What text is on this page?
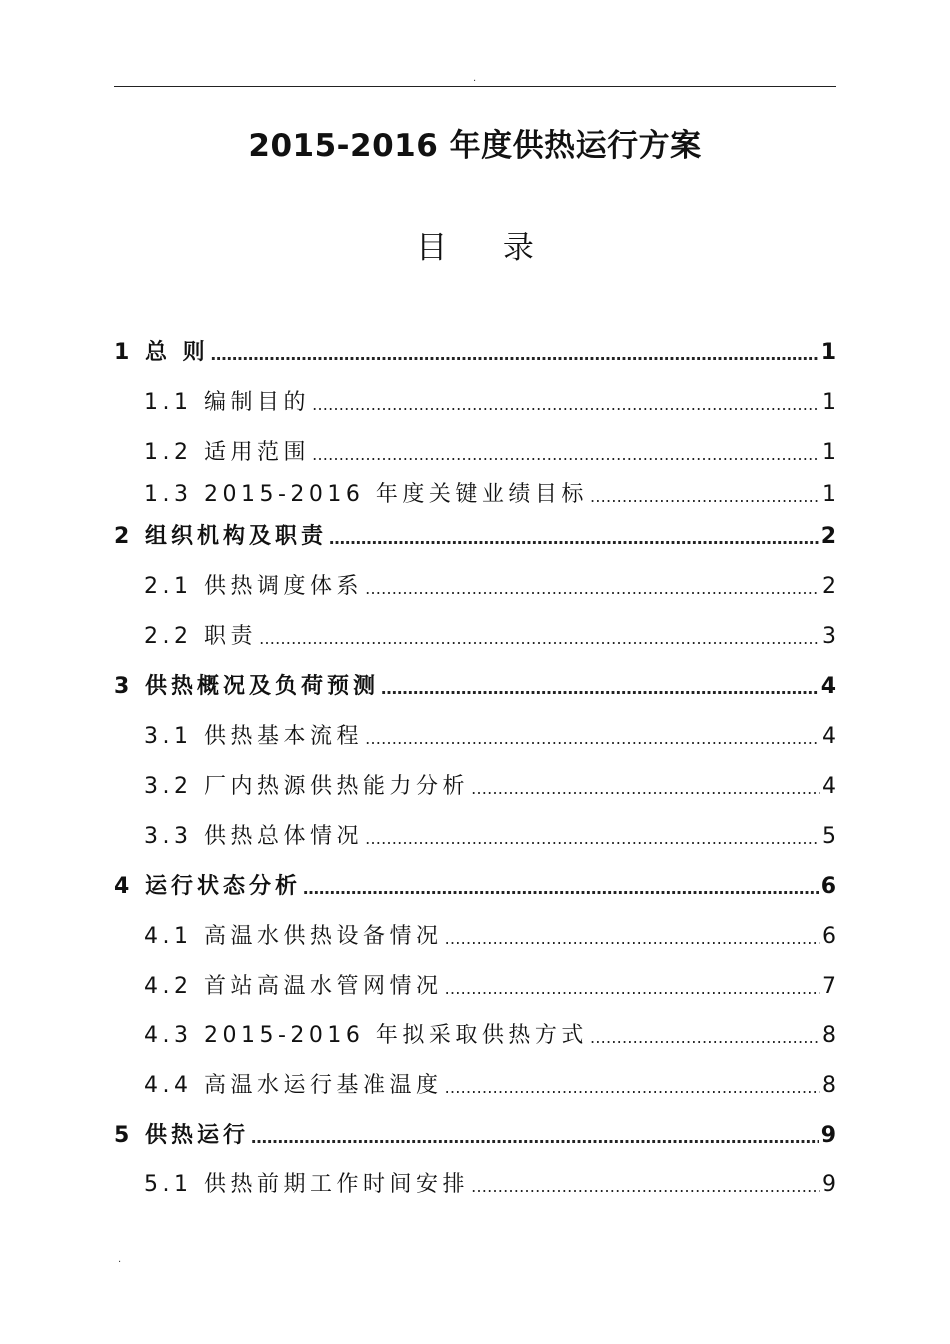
.
2015-2016 年度供热运行方案
目 录
1 总 则 …………………………………………………………………………………………………………………………………………	1
1.1 编制目的 …………………………………………………………………………………………………………………………………………	1
1.2 适用范围 …………………………………………………………………………………………………………………………………………	1
1.3 2015-2016 年度关键业绩目标 …………………………………………………………………………………………………………………………………………	1
2 组织机构及职责 …………………………………………………………………………………………………………………………………………	2
2.1 供热调度体系 …………………………………………………………………………………………………………………………………………	2
2.2 职责 …………………………………………………………………………………………………………………………………………	3
3 供热概况及负荷预测 …………………………………………………………………………………………………………………………………………	4
3.1 供热基本流程 …………………………………………………………………………………………………………………………………………	4
3.2 厂内热源供热能力分析 …………………………………………………………………………………………………………………………………………	4
3.3 供热总体情况 …………………………………………………………………………………………………………………………………………	5
4 运行状态分析 …………………………………………………………………………………………………………………………………………	6
4.1 高温水供热设备情况 …………………………………………………………………………………………………………………………………………	6
4.2 首站高温水管网情况 …………………………………………………………………………………………………………………………………………	7
4.3 2015-2016 年拟采取供热方式 …………………………………………………………………………………………………………………………………………	8
4.4 高温水运行基准温度 …………………………………………………………………………………………………………………………………………	8
5 供热运行 …………………………………………………………………………………………………………………………………………	9
5.1 供热前期工作时间安排 …………………………………………………………………………………………………………………………………………	9
.
